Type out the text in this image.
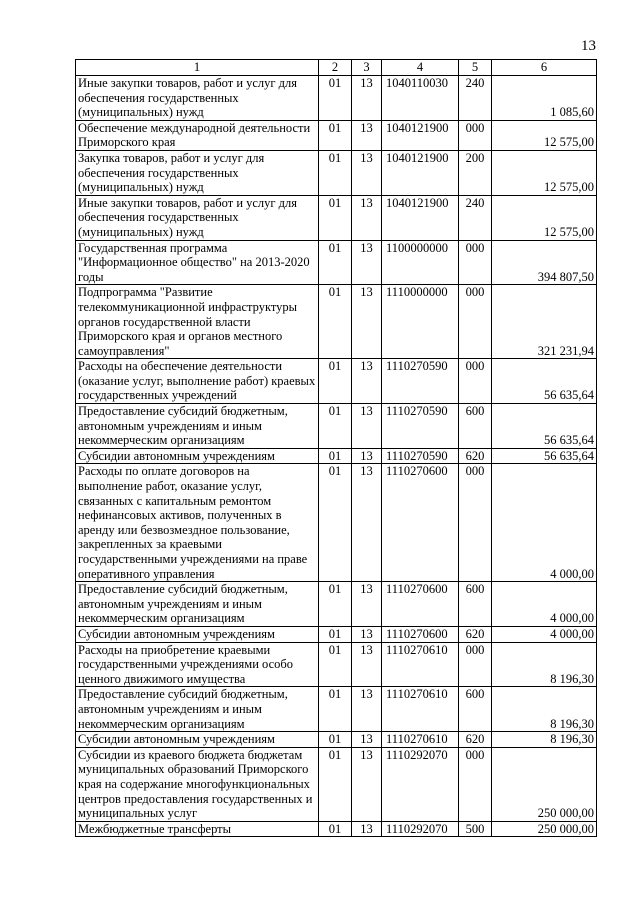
13
1	2	3	4	5	6
Иные закупки товаров, работ и услуг для обеспечения государственных (муниципальных) нужд	01	13	1040110030	240	1 085,60
Обеспечение международной деятельности Приморского края	01	13	1040121900	000	12 575,00
Закупка товаров, работ и услуг для обеспечения государственных (муниципальных) нужд	01	13	1040121900	200	12 575,00
Иные закупки товаров, работ и услуг для обеспечения государственных (муниципальных) нужд	01	13	1040121900	240	12 575,00
Государственная программа "Информационное общество" на 2013-2020 годы	01	13	1100000000	000	394 807,50
Подпрограмма "Развитие телекоммуникационной инфраструктуры органов государственной власти Приморского края и органов местного самоуправления"	01	13	1110000000	000	321 231,94
Расходы на обеспечение деятельности (оказание услуг, выполнение работ) краевых государственных учреждений	01	13	1110270590	000	56 635,64
Предоставление субсидий бюджетным, автономным учреждениям и иным некоммерческим организациям	01	13	1110270590	600	56 635,64
Субсидии автономным учреждениям	01	13	1110270590	620	56 635,64
Расходы по оплате договоров на выполнение работ, оказание услуг, связанных с капитальным ремонтом нефинансовых активов, полученных в аренду или безвозмездное пользование, закрепленных за краевыми государственными учреждениями на праве оперативного управления	01	13	1110270600	000	4 000,00
Предоставление субсидий бюджетным, автономным учреждениям и иным некоммерческим организациям	01	13	1110270600	600	4 000,00
Субсидии автономным учреждениям	01	13	1110270600	620	4 000,00
Расходы на приобретение краевыми государственными учреждениями особо ценного движимого имущества	01	13	1110270610	000	8 196,30
Предоставление субсидий бюджетным, автономным учреждениям и иным некоммерческим организациям	01	13	1110270610	600	8 196,30
Субсидии автономным учреждениям	01	13	1110270610	620	8 196,30
Субсидии из краевого бюджета бюджетам муниципальных образований Приморского края на содержание многофункциональных центров предоставления государственных и муниципальных услуг	01	13	1110292070	000	250 000,00
Межбюджетные трансферты	01	13	1110292070	500	250 000,00
